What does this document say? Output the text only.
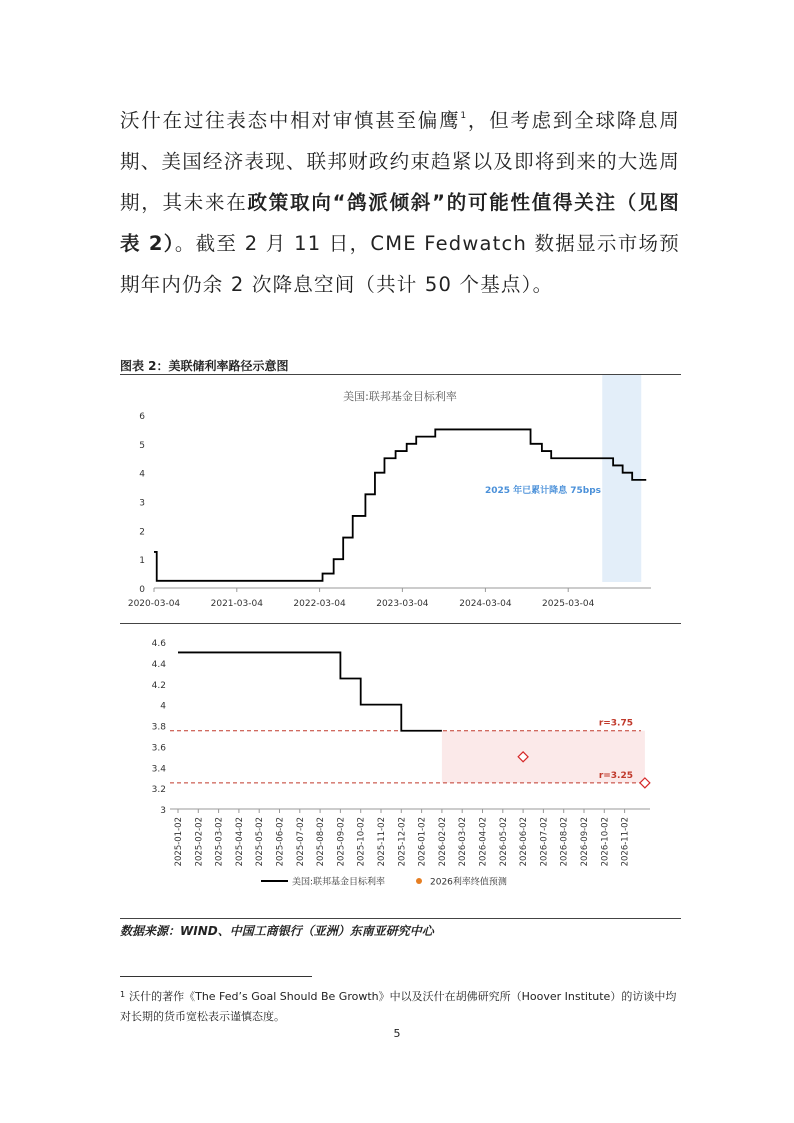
沃什在过往表态中相对审慎甚至偏鹰$^1$，但考虑到全球降息周期、美国经济表现、联邦财政约束趋紧以及即将到来的大选周期，其未来在政策取向“鸽派倾斜”的可能性值得关注（见图表 2）。截至 2 月 11 日，CME Fedwatch 数据显示市场预期年内仍余 2 次降息空间（共计 50 个基点）。
图表 2：美联储利率路径示意图
美国:联邦基金目标利率
0
1
2
3
4
5
6
2020-03-04	2021-03-04	2022-03-04	2023-03-04	2024-03-04	2025-03-04
2025 年已累计降息 75bps
3
3.2
3.4
3.6
3.8
4
4.2
4.4
4.6
r=3.75
r=3.25
2025-01-02 2025-02-02 2025-03-02 2025-04-02 2025-05-02 2025-06-02 2025-07-02 2025-08-02 2025-09-02 2025-10-02 2025-11-02 2025-12-02 2026-01-02 2026-02-02 2026-03-02 2026-04-02 2026-05-02 2026-06-02 2026-07-02 2026-08-02 2026-09-02 2026-10-02 2026-11-02
美国:联邦基金目标利率	2026利率终值预测
数据来源：WIND、中国工商银行（亚洲）东南亚研究中心
$^1$ 沃什的著作《The Fed’s Goal Should Be Growth》中以及沃什在胡佛研究所（Hoover Institute）的访谈中均对长期的货币宽松表示谨慎态度。
5
